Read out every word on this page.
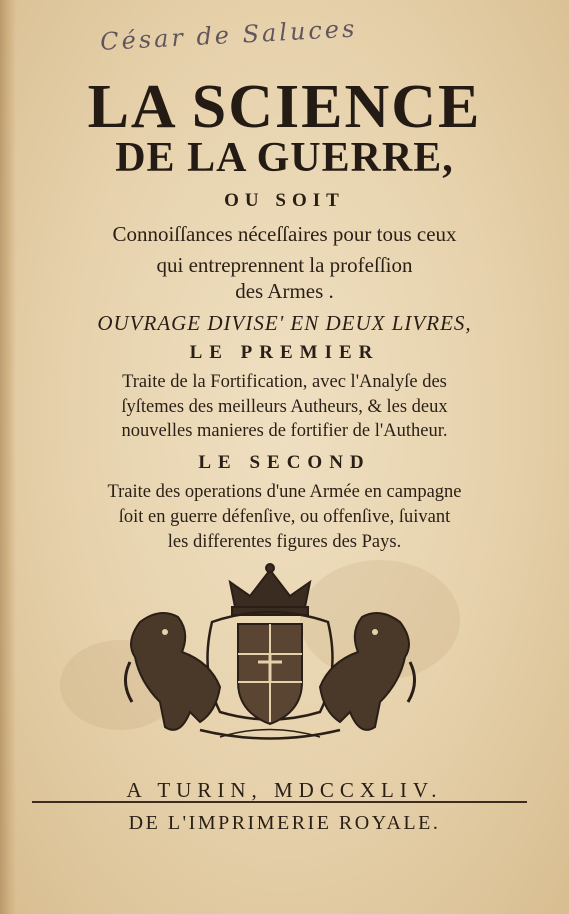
César de Saluces
LA SCIENCE
DE LA GUERRE,
OU SOIT
Connoiſſances néceſſaires pour tous ceux
qui entreprennent la profeſſion
des Armes .
OUVRAGE DIVISE' EN DEUX LIVRES,
LE PREMIER
Traite de la Fortification, avec l'Analyſe des
ſyſtemes des meilleurs Autheurs, & les deux
nouvelles manieres de fortifier de l'Autheur.
LE SECOND
Traite des operations d'une Armée en campagne
ſoit en guerre défenſive, ou offenſive, ſuivant
les differentes figures des Pays.
A TURIN, MDCCXLIV.
DE L'IMPRIMERIE ROYALE.
